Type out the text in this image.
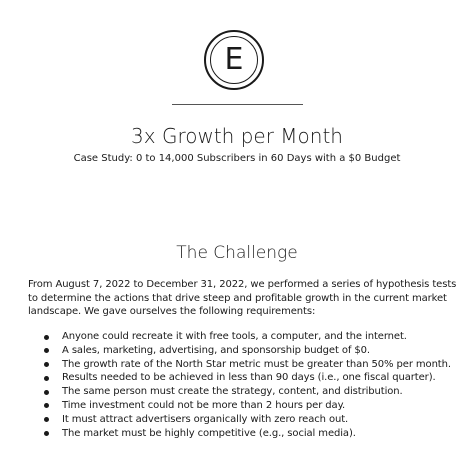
E
3x Growth per Month

Case Study: 0 to 14,000 Subscribers in 60 Days with a $0 Budget

The Challenge

From August 7, 2022 to December 31, 2022, we performed a series of hypothesis tests to determine the actions that drive steep and profitable growth in the current market landscape. We gave ourselves the following requirements:

Anyone could recreate it with free tools, a computer, and the internet.
A sales, marketing, advertising, and sponsorship budget of $0.
The growth rate of the North Star metric must be greater than 50% per month.
Results needed to be achieved in less than 90 days (i.e., one fiscal quarter).
The same person must create the strategy, content, and distribution.
Time investment could not be more than 2 hours per day.
It must attract advertisers organically with zero reach out.
The market must be highly competitive (e.g., social media).
